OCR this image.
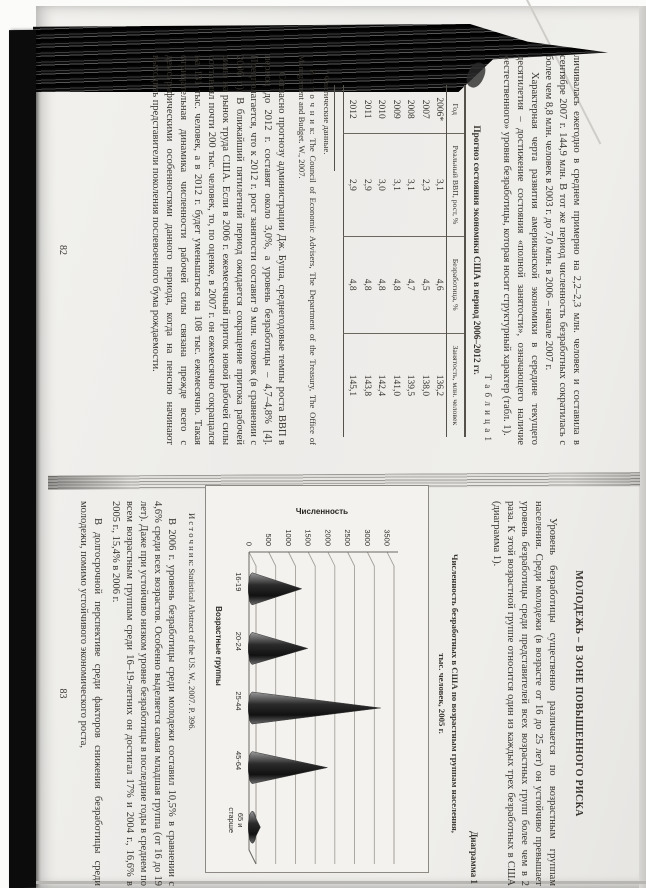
личивалась ежегодно в среднем примерно на 2,2–2,3 млн. человек и составила в сентябре 2007 г. 144,9 млн. В тот же период численность безработных сократилась с более чем 8,8 млн. человек в 2003 г. до 7,0 млн. в 2006 – начале 2007 г.

Характерная черта развития американской экономики в середине текущего десятилетия – достижение состояния «полной занятости», означающего наличие «естественного» уровня безработицы, которая носит структурный характер (табл. 1).

Т а б л и ц а 1
Прогноз состояния экономики США в период 2006–2012 гг.
Год	Реальный ВВП, рост, %	Безработица, %	Занятость, млн. человек
2006*	3,1	4,6	136,2
2007	2,3	4,5	138,0
2008	3,1	4,7	139,5
2009	3,1	4,8	141,0
2010	3,0	4,8	142,4
2011	2,9	4,8	143,8
2012	2,9	4,8	145,1
* Фактические данные.
И с т о ч н и к: The Council of Economic Advisers, The Department of the Treasury, The Office of Management and Budget. W., 2007.

Согласно прогнозу администрации Дж. Буша, среднегодовые темпы роста ВВП в период до 2012 г. составят около 3,0%, а уровень безработицы – 4,7–4,8% [4]. Предполагается, что к 2012 г. рост занятости составит 9 млн. человек (в сравнении с 2006 г.). В ближайший пятилетний период ожидается сокращение притока рабочей силы на рынок труда США. Если в 2006 г. ежемесячный приток новой рабочей силы составлял почти 200 тыс. человек, то, по оценке, в 2007 г. он ежемесячно сокращался на 131 тыс. человек, а в 2012 г. будет уменьшаться на 108 тыс. ежемесячно. Такая отрицательная динамика численности рабочей силы связана прежде всего с демографическими особенностями данного периода, когда на пенсию начинают выходить представители поколения послевоенного бума рождаемости.

82
МОЛОДЕЖЬ – В ЗОНЕ ПОВЫШЕННОГО РИСКА

Уровень безработицы существенно различается по возрастным группам населения. Среди молодежи (в возрасте от 16 до 25 лет) он устойчиво превышает уровень безработицы среди представителей всех возрастных групп более чем в 2 раза. К этой возрастной группе относится один из каждых трех безработных в США (диаграмма 1).

Диаграмма 1
Численность безработных в США по возрастным группам населения,
тыс. человек, 2005 г.
0 500 1000 1500 2000 2500 3000 3500
16-19
20-24
25-44
45-64
65 и
старше
Возрастные группы
Численность
И с т о ч н и к: Statistical Abstract of the US. W., 2007. P. 396.

В 2006 г. уровень безработицы среди молодежи составил 10,5% в сравнении с 4,6% среди всех возрастов. Особенно выделяется самая младшая группа (от 16 до 19 лет). Даже при устойчиво низком уровне безработицы в последние годы в среднем по всем возрастным группам среди 16–19-летних он достигал 17% и 2004 г., 16,6% в 2005 г., 15,4% в 2006 г.

В долгосрочной перспективе среди факторов снижения безработицы среди молодежи, помимо устойчивого экономического роста,

83
